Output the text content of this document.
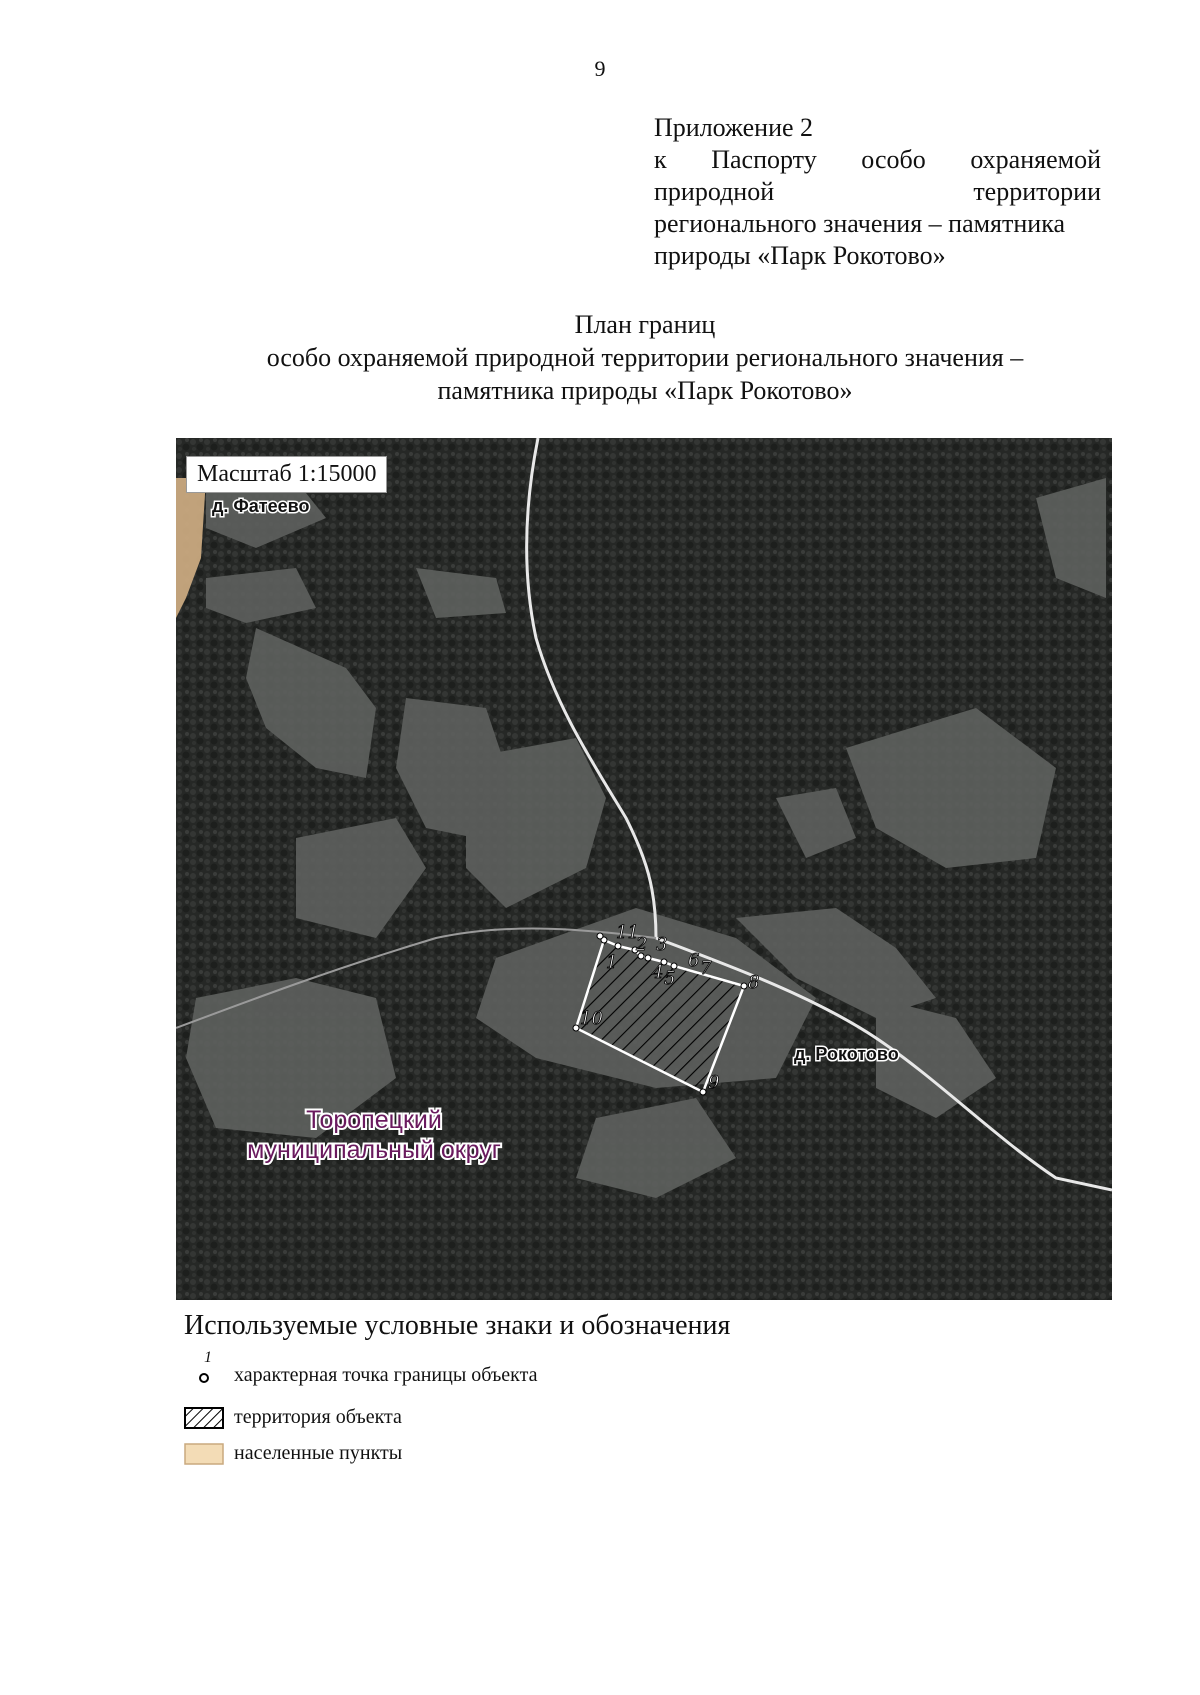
9
Приложение 2
к Паспорту особо охраняемой
природной территории
регионального значения – памятника
природы «Парк Рокотово»
План границ
особо охраняемой природной территории регионального значения –
памятника природы «Парк Рокотово»
1
2 3
4 5
6 7
8
9
10
11
д. Фатеево
д. Рокотово
Торопецкий
муниципальный округ
Масштаб 1:15000
Используемые условные знаки и обозначения
1
характерная точка границы объекта
территория объекта
населенные пункты
